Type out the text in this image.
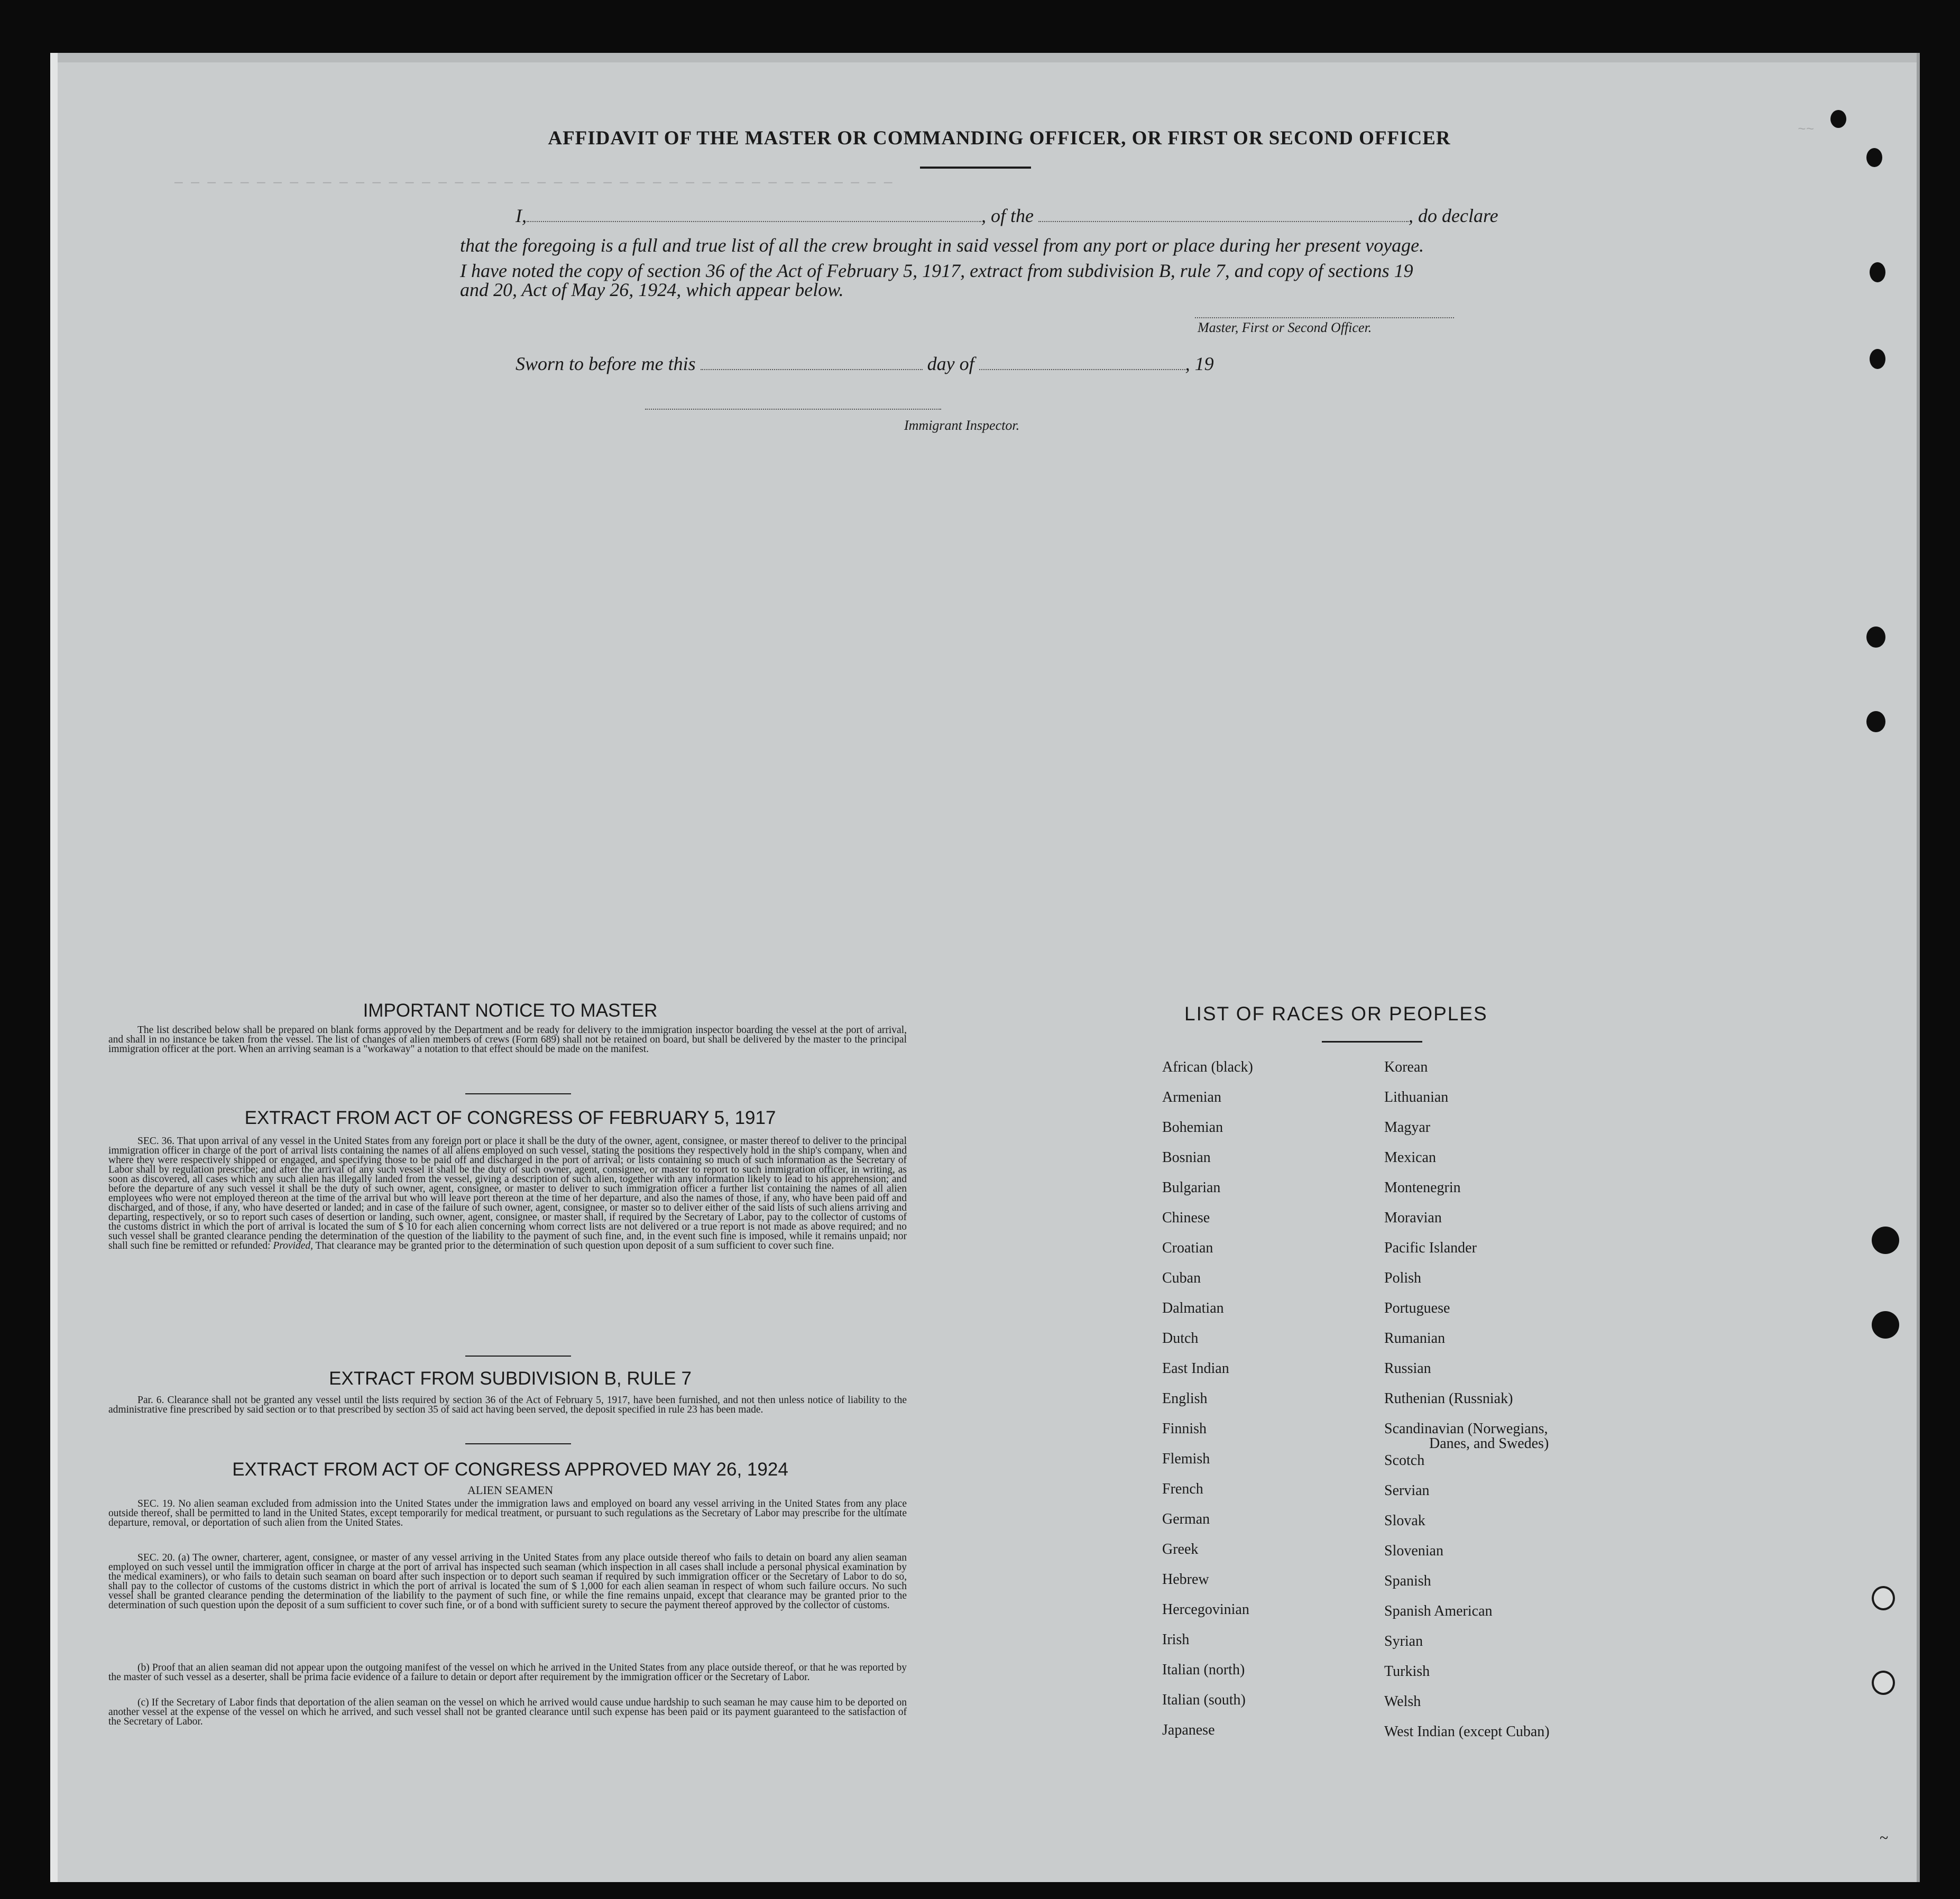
~~
— — — — — — — — — — — — — — — — — — — — — — — — — — — — — — — — — — — — — — — — — — — —
AFFIDAVIT OF THE MASTER OR COMMANDING OFFICER, OR FIRST OR SECOND OFFICER
I,	, of the	, do declare
that the foregoing is a full and true list of all the crew brought in said vessel from any port or place during her present voyage.
I have noted the copy of section 36 of the Act of February 5, 1917, extract from subdivision B, rule 7, and copy of sections 19
and 20, Act of May 26, 1924, which appear below.
Master, First or Second Officer.
Sworn to before me this	day of	, 19
Immigrant Inspector.
IMPORTANT NOTICE TO MASTER
The list described below shall be prepared on blank forms approved by the Department and be ready for delivery to the immigration inspector boarding the vessel at the port of arrival, and shall in no instance be taken from the vessel. The list of changes of alien members of crews (Form 689) shall not be retained on board, but shall be delivered by the master to the principal immigration officer at the port. When an arriving seaman is a "workaway" a notation to that effect should be made on the manifest.
EXTRACT FROM ACT OF CONGRESS OF FEBRUARY 5, 1917
SEC. 36. That upon arrival of any vessel in the United States from any foreign port or place it shall be the duty of the owner, agent, consignee, or master thereof to deliver to the principal immigration officer in charge of the port of arrival lists containing the names of all aliens employed on such vessel, stating the positions they respectively hold in the ship's company, when and where they were respectively shipped or engaged, and specifying those to be paid off and discharged in the port of arrival; or lists containing so much of such information as the Secretary of Labor shall by regulation prescribe; and after the arrival of any such vessel it shall be the duty of such owner, agent, consignee, or master to report to such immigration officer, in writing, as soon as discovered, all cases which any such alien has illegally landed from the vessel, giving a description of such alien, together with any information likely to lead to his apprehension; and before the departure of any such vessel it shall be the duty of such owner, agent, consignee, or master to deliver to such immigration officer a further list containing the names of all alien employees who were not employed thereon at the time of the arrival but who will leave port thereon at the time of her departure, and also the names of those, if any, who have been paid off and discharged, and of those, if any, who have deserted or landed; and in case of the failure of such owner, agent, consignee, or master so to deliver either of the said lists of such aliens arriving and departing, respectively, or so to report such cases of desertion or landing, such owner, agent, consignee, or master shall, if required by the Secretary of Labor, pay to the collector of customs of the customs district in which the port of arrival is located the sum of $ 10 for each alien concerning whom correct lists are not delivered or a true report is not made as above required; and no such vessel shall be granted clearance pending the determination of the question of the liability to the payment of such fine, and, in the event such fine is imposed, while it remains unpaid; nor shall such fine be remitted or refunded: Provided, That clearance may be granted prior to the determination of such question upon deposit of a sum sufficient to cover such fine.
EXTRACT FROM SUBDIVISION B, RULE 7
Par. 6. Clearance shall not be granted any vessel until the lists required by section 36 of the Act of February 5, 1917, have been furnished, and not then unless notice of liability to the administrative fine prescribed by said section or to that prescribed by section 35 of said act having been served, the deposit specified in rule 23 has been made.
EXTRACT FROM ACT OF CONGRESS APPROVED MAY 26, 1924
ALIEN SEAMEN
SEC. 19. No alien seaman excluded from admission into the United States under the immigration laws and employed on board any vessel arriving in the United States from any place outside thereof, shall be permitted to land in the United States, except temporarily for medical treatment, or pursuant to such regulations as the Secretary of Labor may prescribe for the ultimate departure, removal, or deportation of such alien from the United States.
SEC. 20. (a) The owner, charterer, agent, consignee, or master of any vessel arriving in the United States from any place outside thereof who fails to detain on board any alien seaman employed on such vessel until the immigration officer in charge at the port of arrival has inspected such seaman (which inspection in all cases shall include a personal physical examination by the medical examiners), or who fails to detain such seaman on board after such inspection or to deport such seaman if required by such immigration officer or the Secretary of Labor to do so, shall pay to the collector of customs of the customs district in which the port of arrival is located the sum of $ 1,000 for each alien seaman in respect of whom such failure occurs. No such vessel shall be granted clearance pending the determination of the liability to the payment of such fine, or while the fine remains unpaid, except that clearance may be granted prior to the determination of such question upon the deposit of a sum sufficient to cover such fine, or of a bond with sufficient surety to secure the payment thereof approved by the collector of customs.
(b) Proof that an alien seaman did not appear upon the outgoing manifest of the vessel on which he arrived in the United States from any place outside thereof, or that he was reported by the master of such vessel as a deserter, shall be prima facie evidence of a failure to detain or deport after requirement by the immigration officer or the Secretary of Labor.
(c) If the Secretary of Labor finds that deportation of the alien seaman on the vessel on which he arrived would cause undue hardship to such seaman he may cause him to be deported on another vessel at the expense of the vessel on which he arrived, and such vessel shall not be granted clearance until such expense has been paid or its payment guaranteed to the satisfaction of the Secretary of Labor.
LIST OF RACES OR PEOPLES
African (black)
Armenian
Bohemian
Bosnian
Bulgarian
Chinese
Croatian
Cuban
Dalmatian
Dutch
East Indian
English
Finnish
Flemish
French
German
Greek
Hebrew
Hercegovinian
Irish
Italian (north)
Italian (south)
Japanese
Korean
Lithuanian
Magyar
Mexican
Montenegrin
Moravian
Pacific Islander
Polish
Portuguese
Rumanian
Russian
Ruthenian (Russniak)
Scandinavian (Norwegians,
Scotch
Servian
Slovak
Slovenian
Spanish
Spanish American
Syrian
Turkish
Welsh
West Indian (except Cuban)
Danes, and Swedes)
~
